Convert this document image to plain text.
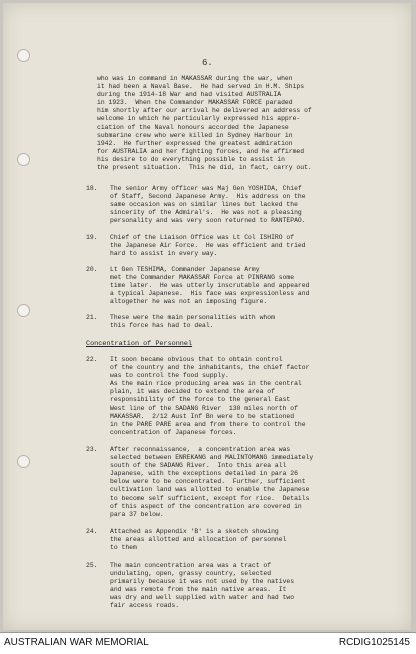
6.
who was in command in MAKASSAR during the war, when
it had been a Naval Base.  He had served in H.M. Ships
during the 1914-18 War and had visited AUSTRALIA
in 1923.  When the Commander MAKASSAR FORCE paraded
him shortly after our arrival he delivered an address of
welcome in which he particularly expressed his appre-
ciation of the Naval honours accorded the Japanese
submarine crew who were killed in Sydney Harbour in
1942.  He further expressed the greatest admiration
for AUSTRALIA and her fighting forces, and he affirmed
his desire to do everything possible to assist in
the present situation.  This he did, in fact, carry out.
18. The senior Army officer was Maj Gen YOSHIDA, Chief
of Staff, Second Japanese Army.  His address on the
same occasion was on similar lines but lacked the
sincerity of the Admiral's.  He was not a pleasing
personality and was very soon returned to RANTEPAO.
19. Chief of the Liaison Office was Lt Col ISHIRO of
the Japanese Air Force.  He was efficient and tried
hard to assist in every way.
20. Lt Gen TESHIMA, Commander Japanese Army
met the Commander MAKASSAR Force at PINRANG some
time later.  He was utterly inscrutable and appeared
a typical Japanese.  His face was expressionless and
altogether he was not an imposing figure.
21. These were the main personalities with whom
this force has had to deal.
Concentration of Personnel
22. It soon became obvious that to obtain control
of the country and the inhabitants, the chief factor
was to control the food supply.
As the main rice producing area was in the central
plain, it was decided to extend the area of
responsibility of the force to the general East
West line of the SADANG River  130 miles north of
MAKASSAR.  2/12 Aust Inf Bn were to be stationed
in the PARE PARE area and from there to control the
concentration of Japanese forces.
23. After reconnaissance,  a concentration area was
selected between ENREKANG and MALINTOMANG immediately
south of the SADANG River.  Into this area all
Japanese, with the exceptions detailed in para 26
below were to be concentrated.  Further, sufficient
cultivation land was allotted to enable the Japanese
to become self sufficient, except for rice.  Details
of this aspect of the concentration are covered in
para 37 below.
24. Attached as Appendix 'B' is a sketch showing
the areas allotted and allocation of personnel
to them
25. The main concentration area was a tract of
undulating, open, grassy country, selected
primarily because it was not used by the natives
and was remote from the main native areas.  It
was dry and well supplied with water and had two
fair access roads.
AUSTRALIAN WAR MEMORIAL	RCDIG1025145
